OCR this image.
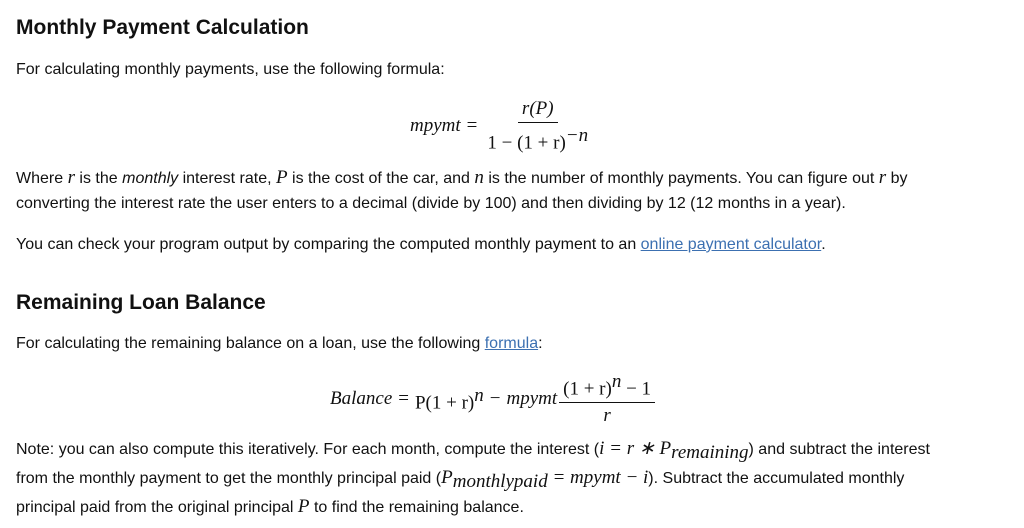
Monthly Payment Calculation

For calculating monthly payments, use the following formula:

mpymt = $\frac{r(P)}{1 - (1 + r)^{-n}}$

Where r is the monthly interest rate, P is the cost of the car, and n is the number of monthly payments. You can figure out r by
converting the interest rate the user enters to a decimal (divide by 100) and then dividing by 12 (12 months in a year).

You can check your program output by comparing the computed monthly payment to an online payment calculator.

Remaining Loan Balance

For calculating the remaining balance on a loan, use the following formula:

Balance = $P(1 + r)^n$ − mpymt $\frac{(1 + r)^n - 1}{r}$

Note: you can also compute this iteratively. For each month, compute the interest (i = r ∗ $P_{remaining}$) and subtract the interest
from the monthly payment to get the monthly principal paid ($P_{monthlypaid}$ = mpymt − i). Subtract the accumulated monthly
principal paid from the original principal P to find the remaining balance.
